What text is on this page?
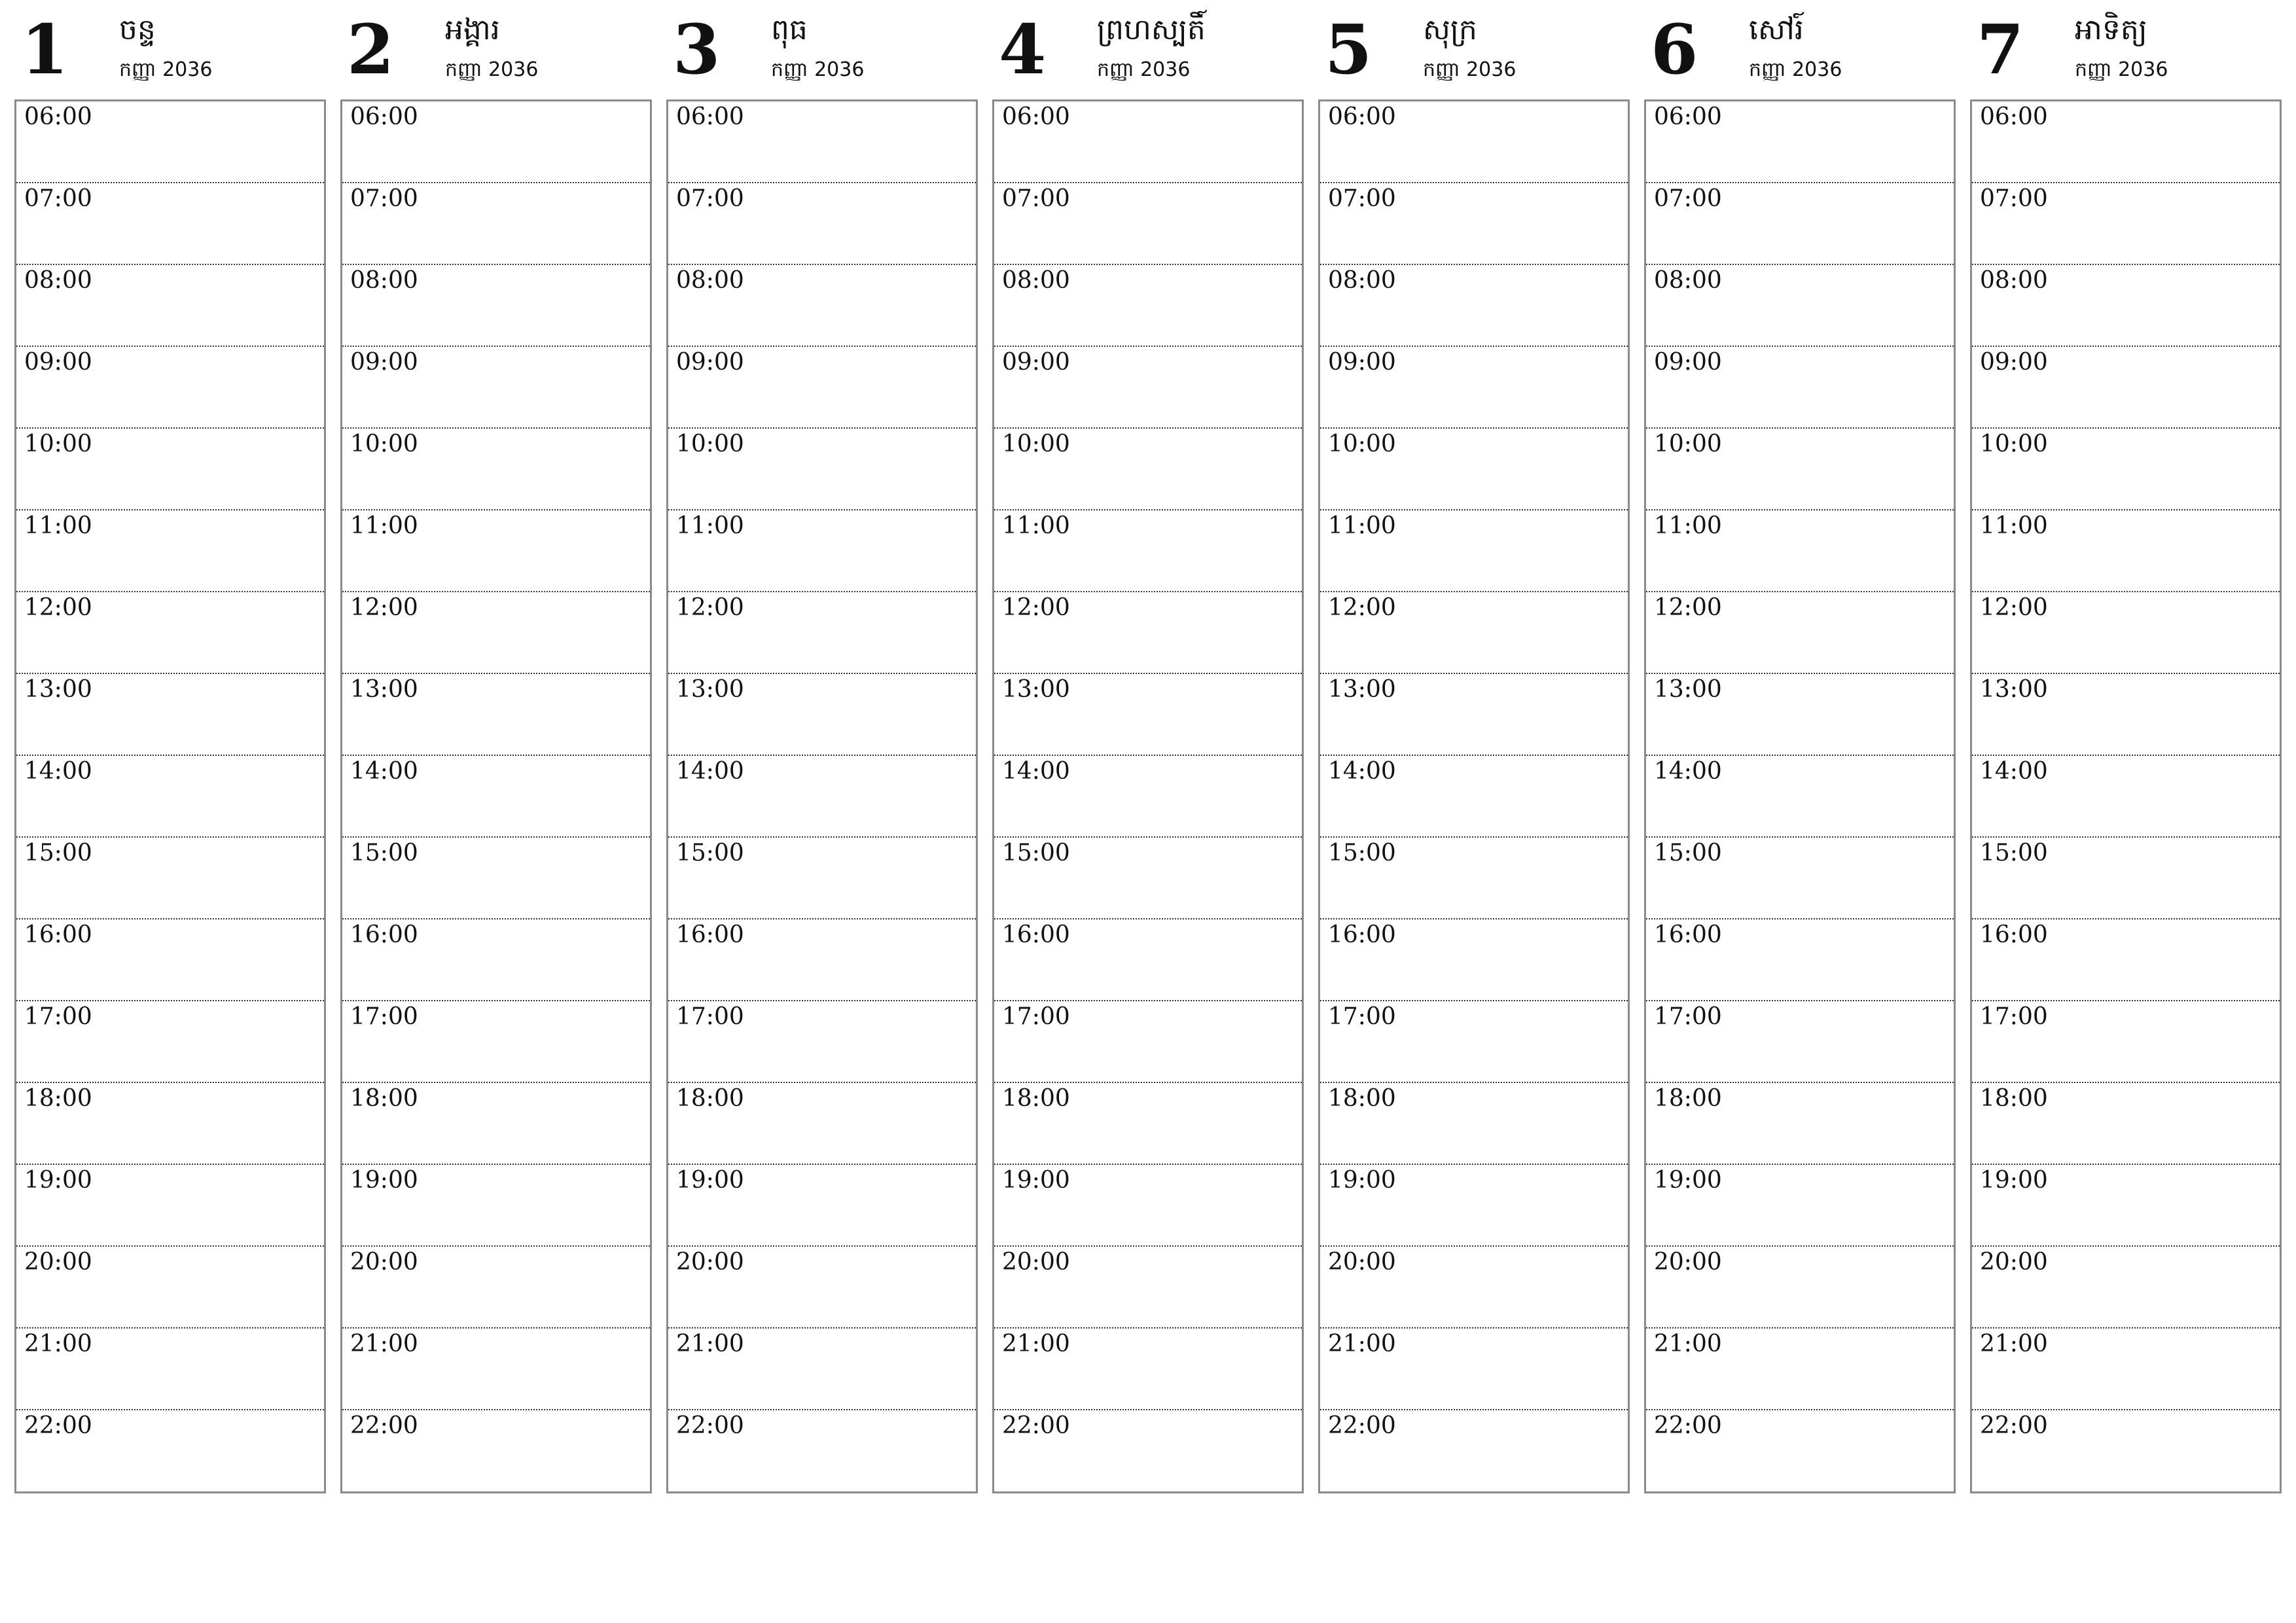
1 ចន្ទ
កញ្ញា 2036
06:00
07:00
08:00
09:00
10:00
11:00
12:00
13:00
14:00
15:00
16:00
17:00
18:00
19:00
20:00
21:00
22:00
2 អង្គារ
កញ្ញា 2036
06:00
07:00
08:00
09:00
10:00
11:00
12:00
13:00
14:00
15:00
16:00
17:00
18:00
19:00
20:00
21:00
22:00
3 ពុធ
កញ្ញា 2036
06:00
07:00
08:00
09:00
10:00
11:00
12:00
13:00
14:00
15:00
16:00
17:00
18:00
19:00
20:00
21:00
22:00
4 ព្រហស្បតិ៍
កញ្ញា 2036
06:00
07:00
08:00
09:00
10:00
11:00
12:00
13:00
14:00
15:00
16:00
17:00
18:00
19:00
20:00
21:00
22:00
5 សុក្រ
កញ្ញា 2036
06:00
07:00
08:00
09:00
10:00
11:00
12:00
13:00
14:00
15:00
16:00
17:00
18:00
19:00
20:00
21:00
22:00
6 សៅរ៍
កញ្ញា 2036
06:00
07:00
08:00
09:00
10:00
11:00
12:00
13:00
14:00
15:00
16:00
17:00
18:00
19:00
20:00
21:00
22:00
7 អាទិត្យ
កញ្ញា 2036
06:00
07:00
08:00
09:00
10:00
11:00
12:00
13:00
14:00
15:00
16:00
17:00
18:00
19:00
20:00
21:00
22:00
